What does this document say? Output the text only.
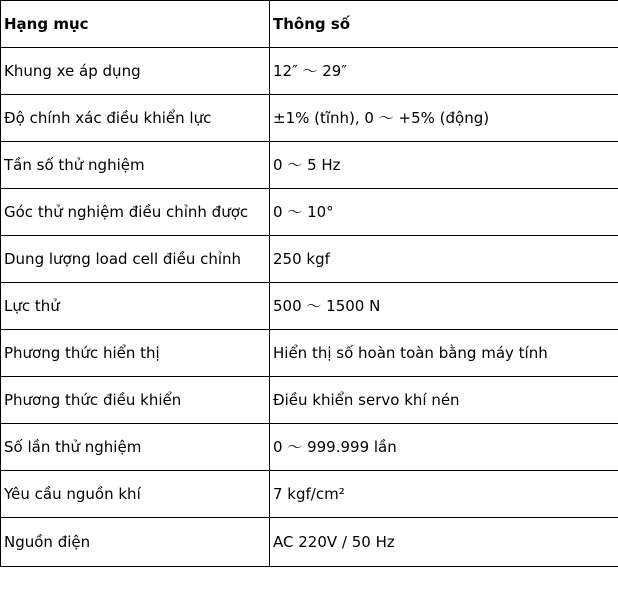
Hạng mục	Thông số
Khung xe áp dụng	12″ ～ 29″
Độ chính xác điều khiển lực	±1% (tĩnh), 0 ～ +5% (động)
Tần số thử nghiệm	0 ～ 5 Hz
Góc thử nghiệm điều chỉnh được	0 ～ 10°
Dung lượng load cell điều chỉnh	250 kgf
Lực thử	500 ～ 1500 N
Phương thức hiển thị	Hiển thị số hoàn toàn bằng máy tính
Phương thức điều khiển	Điều khiển servo khí nén
Số lần thử nghiệm	0 ～ 999.999 lần
Yêu cầu nguồn khí	7 kgf/cm²
Nguồn điện	AC 220V / 50 Hz
